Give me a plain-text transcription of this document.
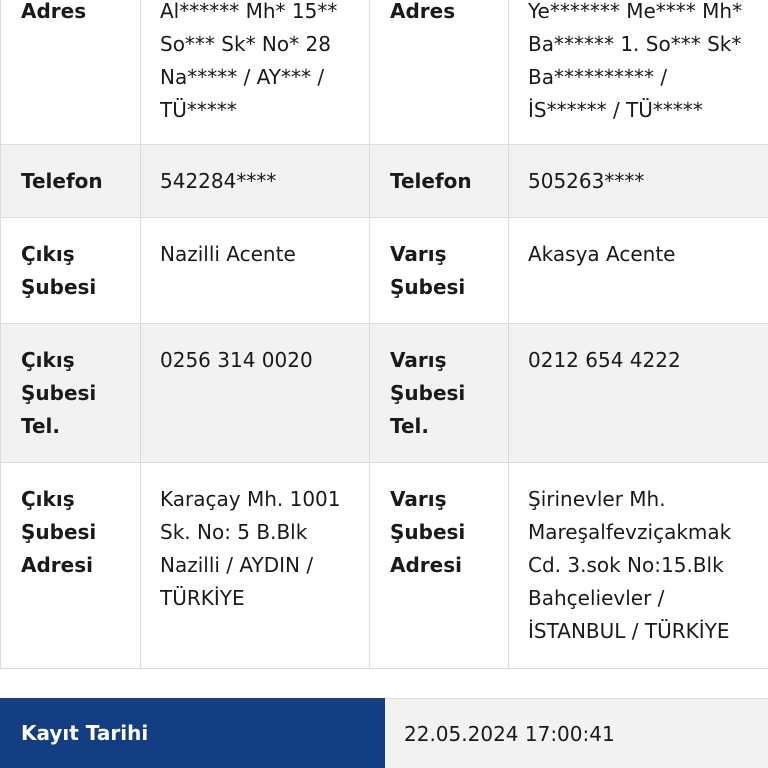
Adres	Al****** Mh* 15** So*** Sk* No* 28 Na***** / AY*** / TÜ*****	Adres	Ye******* Me**** Mh* Ba****** 1. So*** Sk* Ba********** / İS****** / TÜ*****
Telefon	542284****	Telefon	505263****
Çıkış Şubesi	Nazilli Acente	Varış Şubesi	Akasya Acente
Çıkış Şubesi Tel.	0256 314 0020	Varış Şubesi Tel.	0212 654 4222
Çıkış Şubesi Adresi	Karaçay Mh. 1001 Sk. No: 5 B.Blk Nazilli / AYDIN / TÜRKİYE	Varış Şubesi Adresi	Şirinevler Mh. Mareşalfevziçakmak Cd. 3.sok No:15.Blk Bahçelievler / İSTANBUL / TÜRKİYE
Kayıt Tarihi	22.05.2024 17:00:41
